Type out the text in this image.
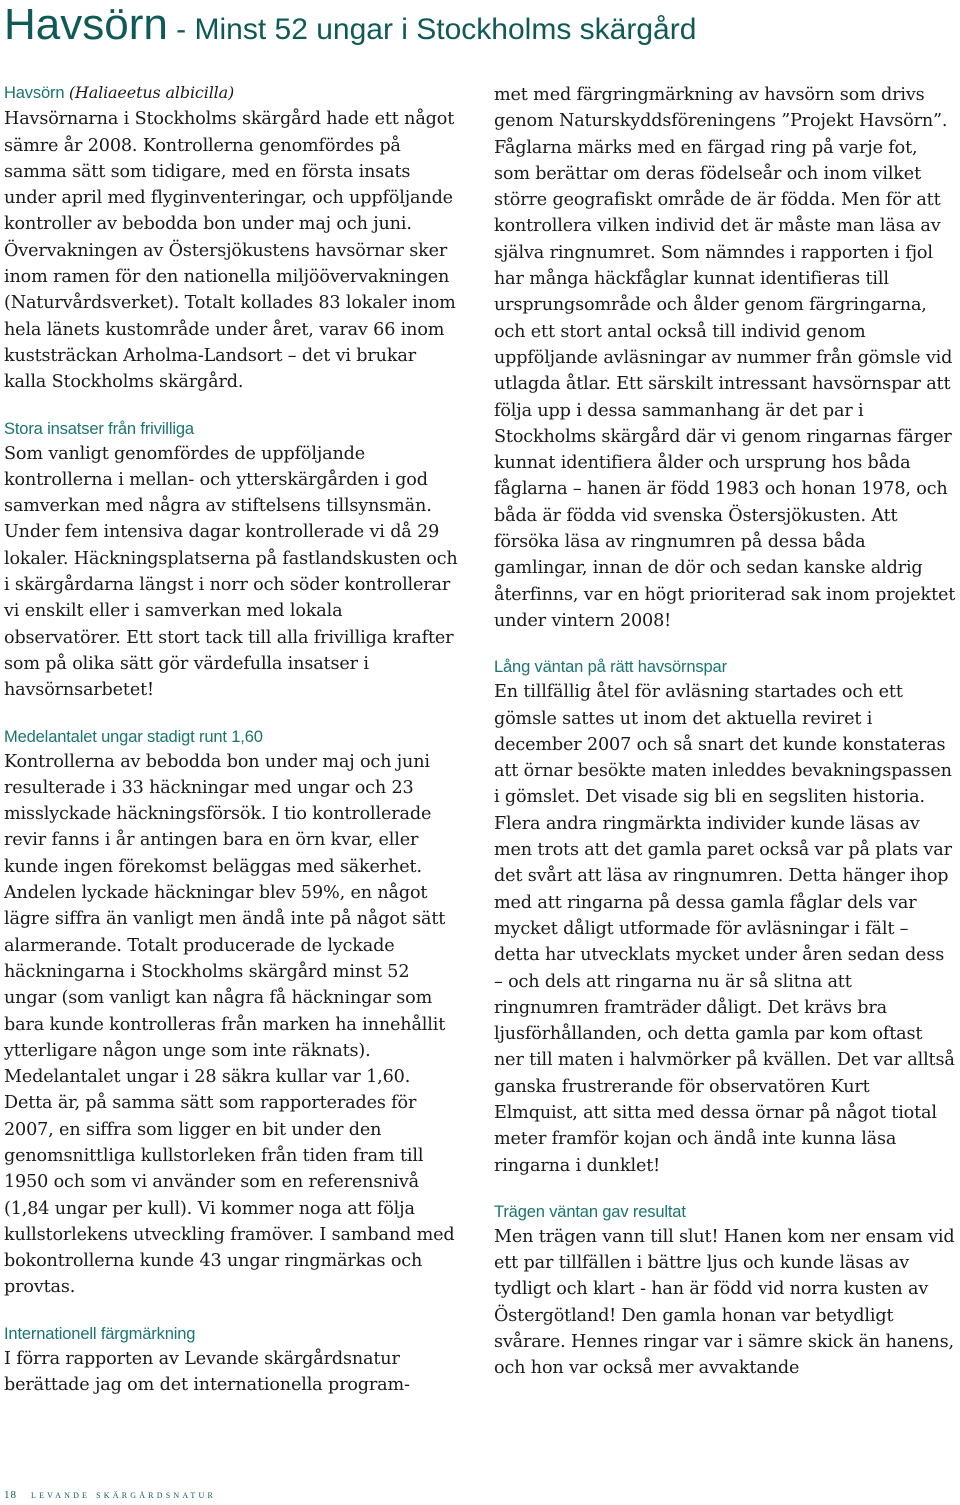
Havsörn - Minst 52 ungar i Stockholms skärgård
Havsörn (Haliaeetus albicilla)

Havsörnarna i Stockholms skärgård hade ett något sämre år 2008. Kontrollerna genomfördes på samma sätt som tidigare, med en första insats under april med flyginventeringar, och uppföljande kontroller av bebodda bon under maj och juni. Övervakningen av Östersjökustens havsörnar sker inom ramen för den nationella miljöövervakningen (Naturvårdsverket). Totalt kollades 83 lokaler inom hela länets kustområde under året, varav 66 inom kuststräckan Arholma-Landsort – det vi brukar kalla Stockholms skärgård.

Stora insatser från frivilliga

Som vanligt genomfördes de uppföljande kontrollerna i mellan- och ytterskärgården i god samverkan med några av stiftelsens tillsynsmän. Under fem intensiva dagar kontrollerade vi då 29 lokaler. Häckningsplatserna på fastlandskusten och i skärgårdarna längst i norr och söder kontrollerar vi enskilt eller i samverkan med lokala observatörer. Ett stort tack till alla frivilliga krafter som på olika sätt gör värdefulla insatser i havsörnsarbetet!

Medelantalet ungar stadigt runt 1,60

Kontrollerna av bebodda bon under maj och juni resulterade i 33 häckningar med ungar och 23 misslyckade häckningsförsök. I tio kontrollerade revir fanns i år antingen bara en örn kvar, eller kunde ingen förekomst beläggas med säkerhet. Andelen lyckade häckningar blev 59%, en något lägre siffra än vanligt men ändå inte på något sätt alarmerande. Totalt producerade de lyckade häckningarna i Stockholms skärgård minst 52 ungar (som vanligt kan några få häckningar som bara kunde kontrolleras från marken ha innehållit ytterligare någon unge som inte räknats). Medelantalet ungar i 28 säkra kullar var 1,60. Detta är, på samma sätt som rapporterades för 2007, en siffra som ligger en bit under den genomsnittliga kullstorleken från tiden fram till 1950 och som vi använder som en referensnivå (1,84 ungar per kull). Vi kommer noga att följa kullstorlekens utveckling framöver. I samband med bokontrollerna kunde 43 ungar ringmärkas och provtas.

Internationell färgmärkning

I förra rapporten av Levande skärgårdsnatur berättade jag om det internationella program-

met med färgringmärkning av havsörn som drivs genom Naturskyddsföreningens ”Projekt Havsörn”. Fåglarna märks med en färgad ring på varje fot, som berättar om deras födelseår och inom vilket större geografiskt område de är födda. Men för att kontrollera vilken individ det är måste man läsa av själva ringnumret. Som nämndes i rapporten i fjol har många häckfåglar kunnat identifieras till ursprungsområde och ålder genom färgringarna, och ett stort antal också till individ genom uppföljande avläsningar av nummer från gömsle vid utlagda åtlar. Ett särskilt intressant havsörnspar att följa upp i dessa sammanhang är det par i Stockholms skärgård där vi genom ringarnas färger kunnat identifiera ålder och ursprung hos båda fåglarna – hanen är född 1983 och honan 1978, och båda är födda vid svenska Östersjökusten. Att försöka läsa av ringnumren på dessa båda gamlingar, innan de dör och sedan kanske aldrig återfinns, var en högt prioriterad sak inom projektet under vintern 2008!

Lång väntan på rätt havsörnspar

En tillfällig åtel för avläsning startades och ett gömsle sattes ut inom det aktuella reviret i december 2007 och så snart det kunde konstateras att örnar besökte maten inleddes bevakningspassen i gömslet. Det visade sig bli en segsliten historia. Flera andra ringmärkta individer kunde läsas av men trots att det gamla paret också var på plats var det svårt att läsa av ringnumren. Detta hänger ihop med att ringarna på dessa gamla fåglar dels var mycket dåligt utformade för avläsningar i fält – detta har utvecklats mycket under åren sedan dess – och dels att ringarna nu är så slitna att ringnumren framträder dåligt. Det krävs bra ljusförhållanden, och detta gamla par kom oftast ner till maten i halvmörker på kvällen. Det var alltså ganska frustrerande för observatören Kurt Elmquist, att sitta med dessa örnar på något tiotal meter framför kojan och ändå inte kunna läsa ringarna i dunklet!

Trägen väntan gav resultat

Men trägen vann till slut! Hanen kom ner ensam vid ett par tillfällen i bättre ljus och kunde läsas av tydligt och klart - han är född vid norra kusten av Östergötland! Den gamla honan var betydligt svårare. Hennes ringar var i sämre skick än hanens, och hon var också mer avvaktande

18 levande skärgårdsnatur
